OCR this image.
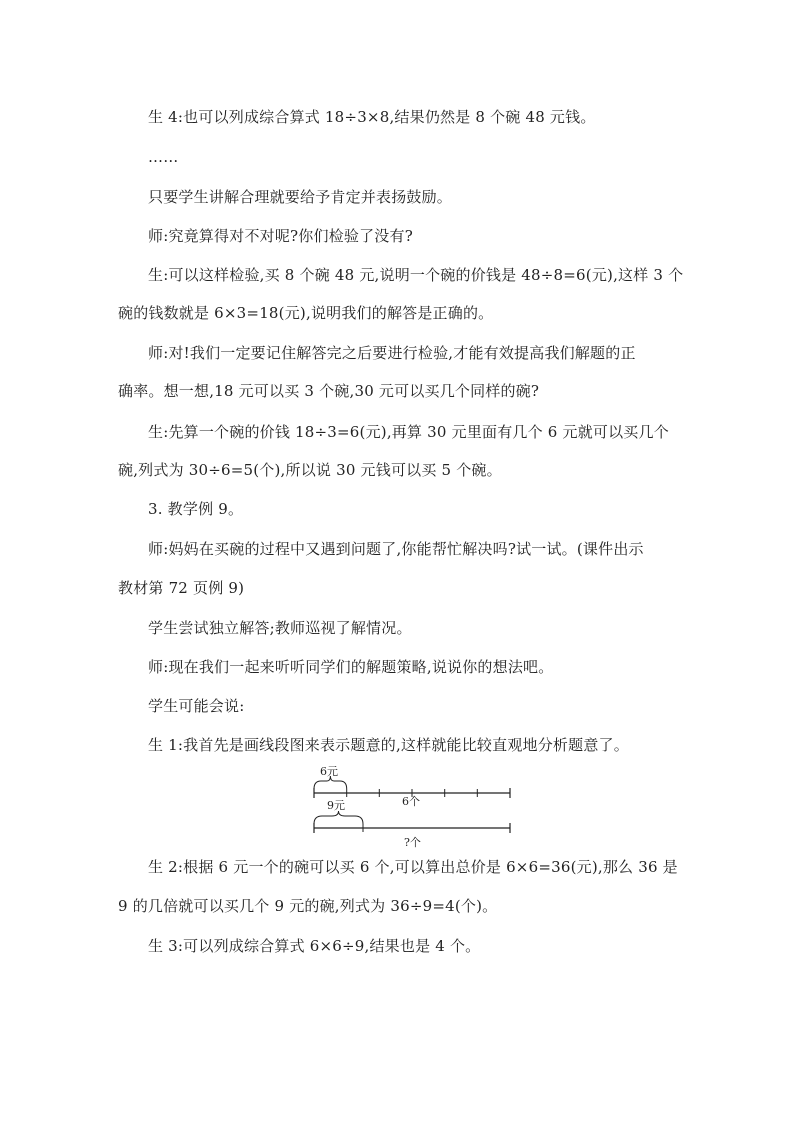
生 4:也可以列成综合算式 18÷3×8,结果仍然是 8 个碗 48 元钱。
……
只要学生讲解合理就要给予肯定并表扬鼓励。
师:究竟算得对不对呢?你们检验了没有?
生:可以这样检验,买 8 个碗 48 元,说明一个碗的价钱是 48÷8=6(元),这样 3 个
碗的钱数就是 6×3=18(元),说明我们的解答是正确的。
师:对!我们一定要记住解答完之后要进行检验,才能有效提高我们解题的正
确率。想一想,18 元可以买 3 个碗,30 元可以买几个同样的碗?
生:先算一个碗的价钱 18÷3=6(元),再算 30 元里面有几个 6 元就可以买几个
碗,列式为 30÷6=5(个),所以说 30 元钱可以买 5 个碗。
3. 教学例 9。
师:妈妈在买碗的过程中又遇到问题了,你能帮忙解决吗?试一试。(课件出示
教材第 72 页例 9)
学生尝试独立解答;教师巡视了解情况。
师:现在我们一起来听听同学们的解题策略,说说你的想法吧。
学生可能会说:
生 1:我首先是画线段图来表示题意的,这样就能比较直观地分析题意了。
6元
6个
9元
?个
生 2:根据 6 元一个的碗可以买 6 个,可以算出总价是 6×6=36(元),那么 36 是
9 的几倍就可以买几个 9 元的碗,列式为 36÷9=4(个)。
生 3:可以列成综合算式 6×6÷9,结果也是 4 个。
